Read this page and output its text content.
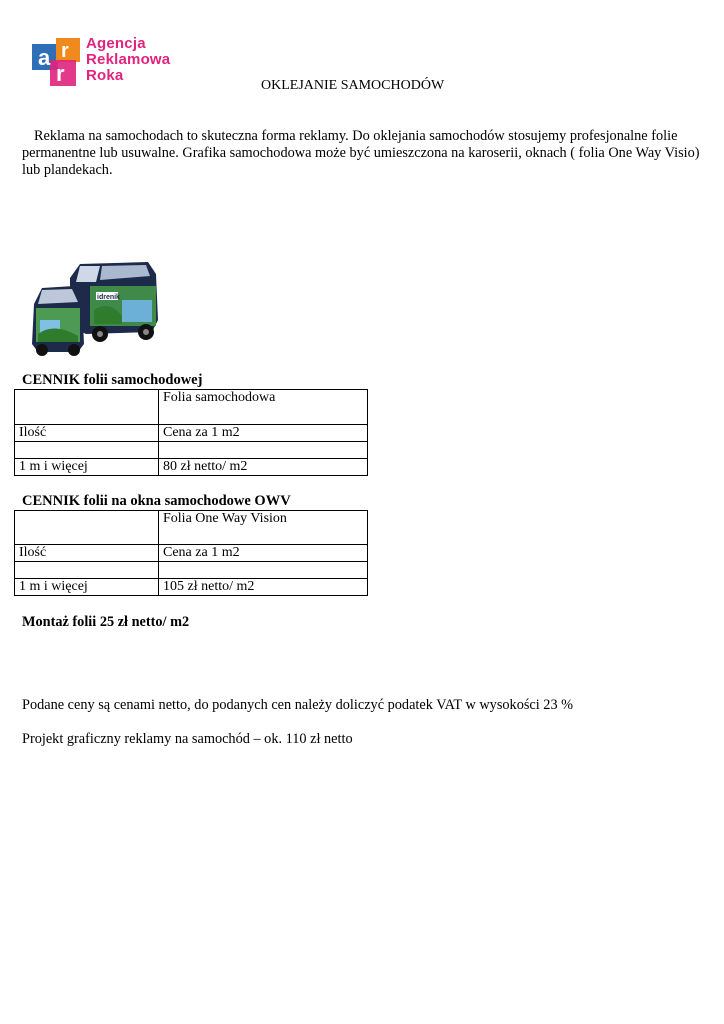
a r
r
Agencja
Reklamowa
Roka
OKLEJANIE SAMOCHODÓW
Reklama na samochodach to skuteczna forma reklamy. Do oklejania samochodów stosujemy profesjonalne folie permanentne lub usuwalne. Grafika samochodowa może być umieszczona na karoserii, oknach ( folia One Way Visio) lub plandekach.
idrenik
CENNIK folii samochodowej
	Folia samochodowa
Ilość	Cena za 1 m2

1 m i więcej	80 zł netto/ m2
CENNIK folii na okna samochodowe OWV
	Folia One Way Vision
Ilość	Cena za 1 m2

1 m i więcej	105 zł netto/ m2
Montaż folii 25 zł netto/ m2
Podane ceny są cenami netto, do podanych cen należy doliczyć podatek VAT w wysokości 23 %
Projekt graficzny reklamy na samochód – ok. 110 zł netto
